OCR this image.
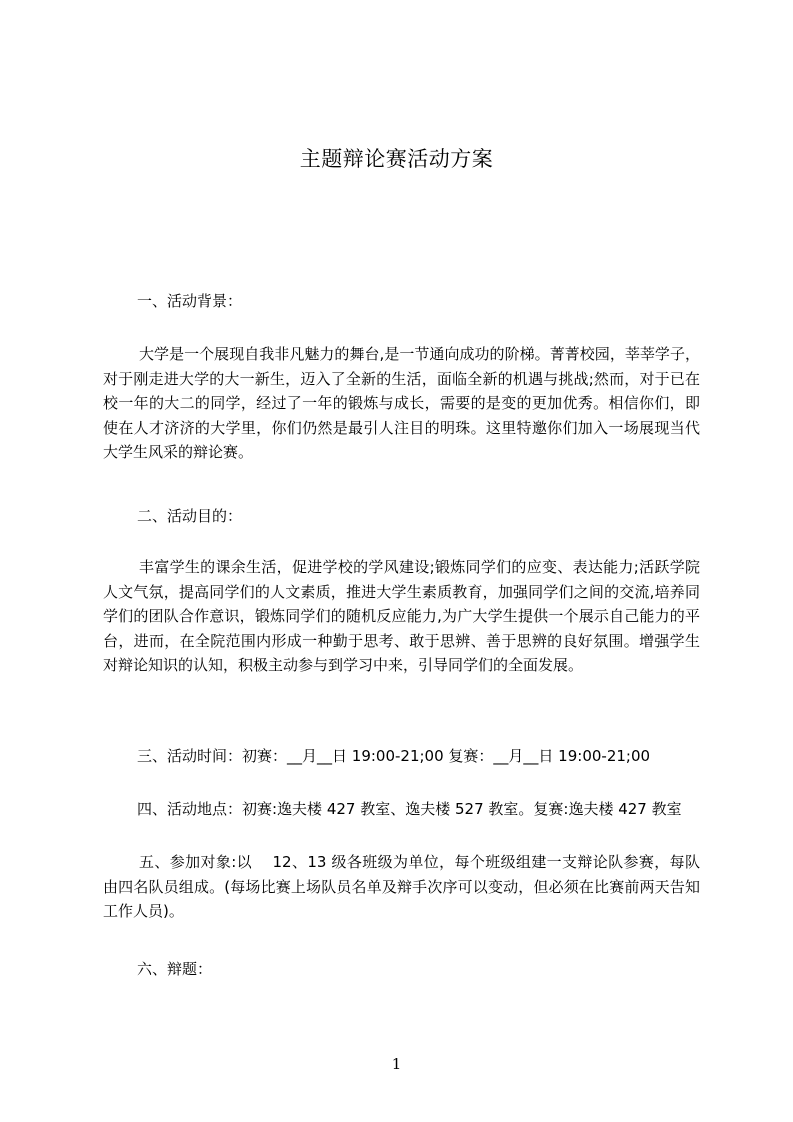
主题辩论赛活动方案
一、活动背景：
大学是一个展现自我非凡魅力的舞台,是一节通向成功的阶梯。菁菁校园，莘莘学子，对于刚走进大学的大一新生，迈入了全新的生活，面临全新的机遇与挑战;然而，对于已在校一年的大二的同学，经过了一年的锻炼与成长，需要的是变的更加优秀。相信你们，即使在人才济济的大学里，你们仍然是最引人注目的明珠。这里特邀你们加入一场展现当代大学生风采的辩论赛。
二、活动目的：
丰富学生的课余生活，促进学校的学风建设;锻炼同学们的应变、表达能力;活跃学院人文气氛，提高同学们的人文素质，推进大学生素质教育，加强同学们之间的交流,培养同学们的团队合作意识，锻炼同学们的随机反应能力,为广大学生提供一个展示自己能力的平台，进而，在全院范围内形成一种勤于思考、敢于思辨、善于思辨的良好氛围。增强学生对辩论知识的认知，积极主动参与到学习中来，引导同学们的全面发展。
三、活动时间：初赛：__月__日 19:00-21;00 复赛：__月__日 19:00-21;00
四、活动地点：初赛:逸夫楼 427 教室、逸夫楼 527 教室。复赛:逸夫楼 427 教室
五、参加对象:以　 12、13 级各班级为单位，每个班级组建一支辩论队参赛，每队由四名队员组成。(每场比赛上场队员名单及辩手次序可以变动，但必须在比赛前两天告知工作人员)。
六、辩题：
1
